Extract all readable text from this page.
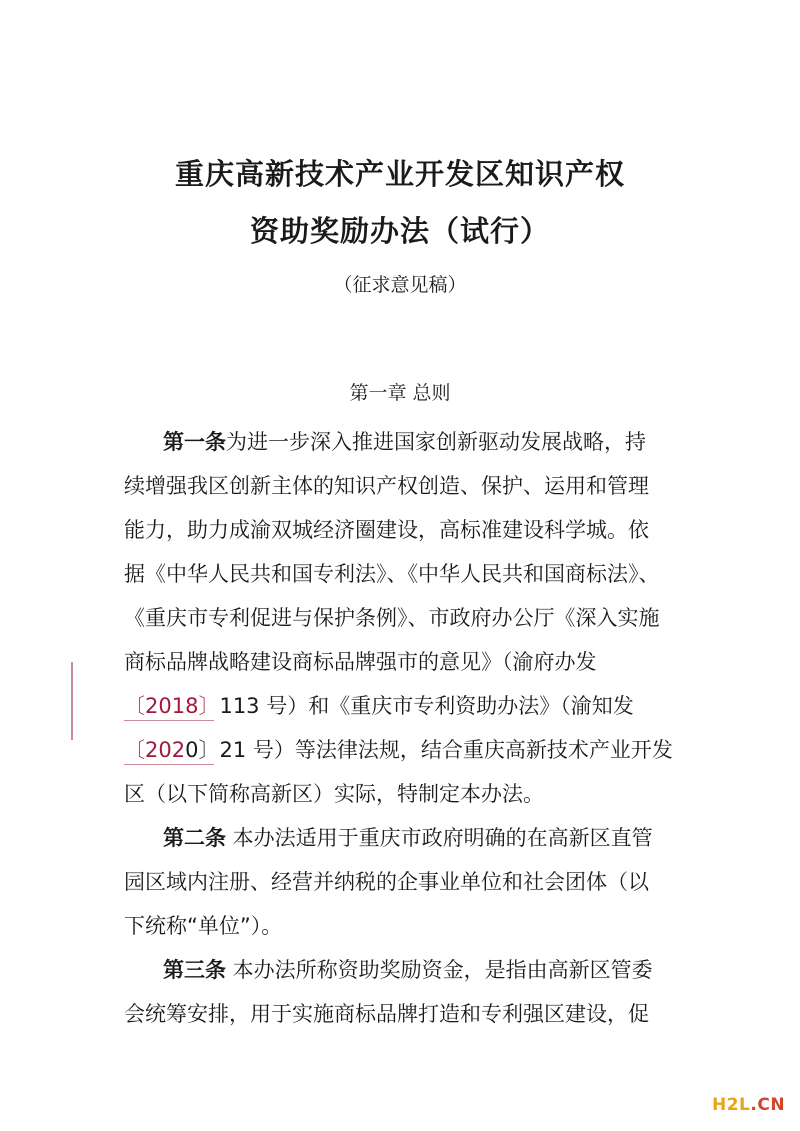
重庆高新技术产业开发区知识产权
资助奖励办法（试行）

（征求意见稿）

第一章 总则

第一条为进一步深入推进国家创新驱动发展战略，持

续增强我区创新主体的知识产权创造、保护、运用和管理

能力，助力成渝双城经济圈建设，高标准建设科学城。依

据《中华人民共和国专利法》、《中华人民共和国商标法》、

《重庆市专利促进与保护条例》、市政府办公厅《深入实施

商标品牌战略建设商标品牌强市的意见》（渝府办发

〔2018〕113 号）和《重庆市专利资助办法》（渝知发

〔2020〕21 号）等法律法规，结合重庆高新技术产业开发

区（以下简称高新区）实际，特制定本办法。

第二条 本办法适用于重庆市政府明确的在高新区直管

园区域内注册、经营并纳税的企事业单位和社会团体（以

下统称“单位”）。

第三条 本办法所称资助奖励资金，是指由高新区管委

会统筹安排，用于实施商标品牌打造和专利强区建设，促

H2L.CN
